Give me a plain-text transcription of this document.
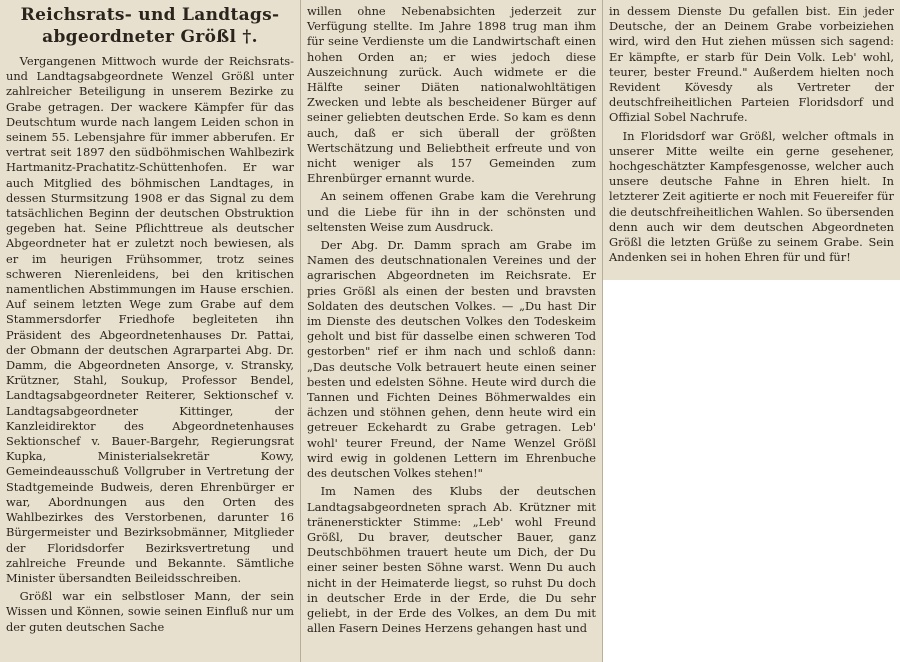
Reichsrats- und Landtags-
abgeordneter Größl †.

Vergangenen Mittwoch wurde der Reichsrats- und Landtagsabgeordnete Wenzel Größl unter zahlreicher Beteiligung in unserem Bezirke zu Grabe getragen. Der wackere Kämpfer für das Deutschtum wurde nach langem Leiden schon in seinem 55. Lebensjahre für immer abberufen. Er vertrat seit 1897 den südböhmischen Wahlbezirk Hartmanitz-Prachatitz-Schüttenhofen. Er war auch Mitglied des böhmischen Landtages, in dessen Sturmsitzung 1908 er das Signal zu dem tatsächlichen Beginn der deutschen Obstruktion gegeben hat. Seine Pflichttreue als deutscher Abgeordneter hat er zuletzt noch bewiesen, als er im heurigen Frühsommer, trotz seines schweren Nierenleidens, bei den kritischen namentlichen Abstimmungen im Hause erschien. Auf seinem letzten Wege zum Grabe auf dem Stammersdorfer Friedhofe begleiteten ihn Präsident des Abgeordnetenhauses Dr. Pattai, der Obmann der deutschen Agrarpartei Abg. Dr. Damm, die Abgeordneten Ansorge, v. Stransky, Krützner, Stahl, Soukup, Professor Bendel, Landtagsabgeordneter Reiterer, Sektionschef v. Landtagsabgeordneter Kittinger, der Kanzleidirektor des Abgeordnetenhauses Sektionschef v. Bauer-Bargehr, Regierungsrat Kupka, Ministerialsekretär Kowy, Gemeindeausschuß Vollgruber in Vertretung der Stadtgemeinde Budweis, deren Ehrenbürger er war, Abordnungen aus den Orten des Wahlbezirkes des Verstorbenen, darunter 16 Bürgermeister und Bezirksobmänner, Mitglieder der Floridsdorfer Bezirksvertretung und zahlreiche Freunde und Bekannte. Sämtliche Minister übersandten Beileidsschreiben.

Größl war ein selbstloser Mann, der sein Wissen und Können, sowie seinen Einfluß nur um der guten deutschen Sache

willen ohne Nebenabsichten jederzeit zur Verfügung stellte. Im Jahre 1898 trug man ihm für seine Verdienste um die Landwirtschaft einen hohen Orden an; er wies jedoch diese Auszeichnung zurück. Auch widmete er die Hälfte seiner Diäten nationalwohltätigen Zwecken und lebte als bescheidener Bürger auf seiner geliebten deutschen Erde. So kam es denn auch, daß er sich überall der größten Wertschätzung und Beliebtheit erfreute und von nicht weniger als 157 Gemeinden zum Ehrenbürger ernannt wurde.

An seinem offenen Grabe kam die Verehrung und die Liebe für ihn in der schönsten und seltensten Weise zum Ausdruck.

Der Abg. Dr. Damm sprach am Grabe im Namen des deutschnationalen Vereines und der agrarischen Abgeordneten im Reichsrate. Er pries Größl als einen der besten und bravsten Soldaten des deutschen Volkes. — „Du hast Dir im Dienste des deutschen Volkes den Todeskeim geholt und bist für dasselbe einen schweren Tod gestorben" rief er ihm nach und schloß dann: „Das deutsche Volk betrauert heute einen seiner besten und edelsten Söhne. Heute wird durch die Tannen und Fichten Deines Böhmerwaldes ein ächzen und stöhnen gehen, denn heute wird ein getreuer Eckehardt zu Grabe getragen. Leb' wohl' teurer Freund, der Name Wenzel Größl wird ewig in goldenen Lettern im Ehrenbuche des deutschen Volkes stehen!"

Im Namen des Klubs der deutschen Landtagsabgeordneten sprach Ab. Krützner mit tränenerstickter Stimme: „Leb' wohl Freund Größl, Du braver, deutscher Bauer, ganz Deutschböhmen trauert heute um Dich, der Du einer seiner besten Söhne warst. Wenn Du auch nicht in der Heimaterde liegst, so ruhst Du doch in deutscher Erde in der Erde, die Du sehr geliebt, in der Erde des Volkes, an dem Du mit allen Fasern Deines Herzens gehangen hast und

in dessem Dienste Du gefallen bist. Ein jeder Deutsche, der an Deinem Grabe vorbeiziehen wird, wird den Hut ziehen müssen sich sagend: Er kämpfte, er starb für Dein Volk. Leb' wohl, teurer, bester Freund." Außerdem hielten noch Revident Kövesdy als Vertreter der deutschfreiheitlichen Parteien Floridsdorf und Offizial Sobel Nachrufe.

In Floridsdorf war Größl, welcher oftmals in unserer Mitte weilte ein gerne gesehener, hochgeschätzter Kampfesgenosse, welcher auch unsere deutsche Fahne in Ehren hielt. In letzterer Zeit agitierte er noch mit Feuereifer für die deutschfreiheitlichen Wahlen. So übersenden denn auch wir dem deutschen Abgeordneten Größl die letzten Grüße zu seinem Grabe. Sein Andenken sei in hohen Ehren für und für!
